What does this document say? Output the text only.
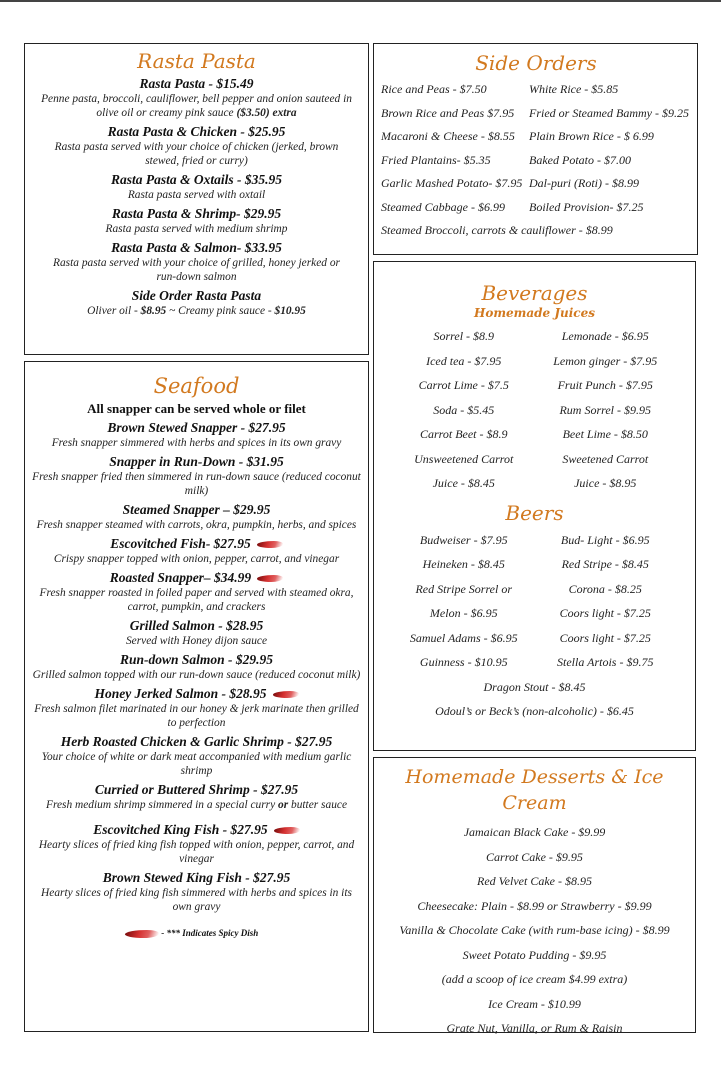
Rasta Pasta
Rasta Pasta - $15.49
Penne pasta, broccoli, cauliflower, bell pepper and onion sauteed in olive oil or creamy pink sauce ($3.50) extra
Rasta Pasta & Chicken - $25.95
Rasta pasta served with your choice of chicken (jerked, brown stewed, fried or curry)
Rasta Pasta & Oxtails - $35.95
Rasta pasta served with oxtail
Rasta Pasta & Shrimp- $29.95
Rasta pasta served with medium shrimp
Rasta Pasta & Salmon- $33.95
Rasta pasta served with your choice of grilled, honey jerked or run-down salmon
Side Order Rasta Pasta
Oliver oil - $8.95 ~ Creamy pink sauce - $10.95
Seafood
All snapper can be served whole or filet
Brown Stewed Snapper - $27.95
Fresh snapper simmered with herbs and spices in its own gravy
Snapper in Run-Down - $31.95
Fresh snapper fried then simmered in run-down sauce (reduced coconut milk)
Steamed Snapper – $29.95
Fresh snapper steamed with carrots, okra, pumpkin, herbs, and spices
Escovitched Fish- $27.95
Crispy snapper topped with onion, pepper, carrot, and vinegar
Roasted Snapper– $34.99
Fresh snapper roasted in foiled paper and served with steamed okra, carrot, pumpkin, and crackers
Grilled Salmon - $28.95
Served with Honey dijon sauce
Run-down Salmon - $29.95
Grilled salmon topped with our run-down sauce (reduced coconut milk)
Honey Jerked Salmon - $28.95
Fresh salmon filet marinated in our honey & jerk marinate then grilled to perfection
Herb Roasted Chicken & Garlic Shrimp - $27.95
Your choice of white or dark meat accompanied with medium garlic shrimp
Curried or Buttered Shrimp - $27.95
Fresh medium shrimp simmered in a special curry or butter sauce
Escovitched King Fish - $27.95
Hearty slices of fried king fish topped with onion, pepper, carrot, and vinegar
Brown Stewed King Fish - $27.95
Hearty slices of fried king fish simmered with herbs and spices in its own gravy
- *** Indicates Spicy Dish
Side Orders
Rice and Peas - $7.50	White Rice - $5.85
Brown Rice and Peas $7.95	Fried or Steamed Bammy - $9.25
Macaroni & Cheese - $8.55	Plain Brown Rice - $ 6.99
Fried Plantains- $5.35	Baked Potato - $7.00
Garlic Mashed Potato- $7.95 Dal-puri (Roti) - $8.99
Steamed Cabbage - $6.99	Boiled Provision- $7.25
Steamed Broccoli, carrots & cauliflower - $8.99
Beverages
Homemade Juices
Sorrel - $8.9	Lemonade - $6.95
Iced tea - $7.95	Lemon ginger - $7.95
Carrot Lime - $7.5	Fruit Punch - $7.95
Soda - $5.45	Rum Sorrel - $9.95
Carrot Beet - $8.9	Beet Lime - $8.50
Unsweetened Carrot	Sweetened Carrot
Juice - $8.45	Juice - $8.95
Beers
Budweiser - $7.95	Bud- Light - $6.95
Heineken - $8.45	Red Stripe - $8.45
Red Stripe Sorrel or	Corona - $8.25
Melon - $6.95	Coors light - $7.25
Samuel Adams - $6.95	Coors light - $7.25
Guinness - $10.95	Stella Artois - $9.75
Dragon Stout - $8.45
Odoul’s or Beck’s (non-alcoholic) - $6.45
Homemade Desserts & Ice Cream
Jamaican Black Cake - $9.99
Carrot Cake - $9.95
Red Velvet Cake - $8.95
Cheesecake: Plain - $8.99 or Strawberry - $9.99
Vanilla & Chocolate Cake (with rum-base icing) - $8.99
Sweet Potato Pudding - $9.95
(add a scoop of ice cream $4.99 extra)
Ice Cream - $10.99
Grate Nut, Vanilla, or Rum & Raisin
